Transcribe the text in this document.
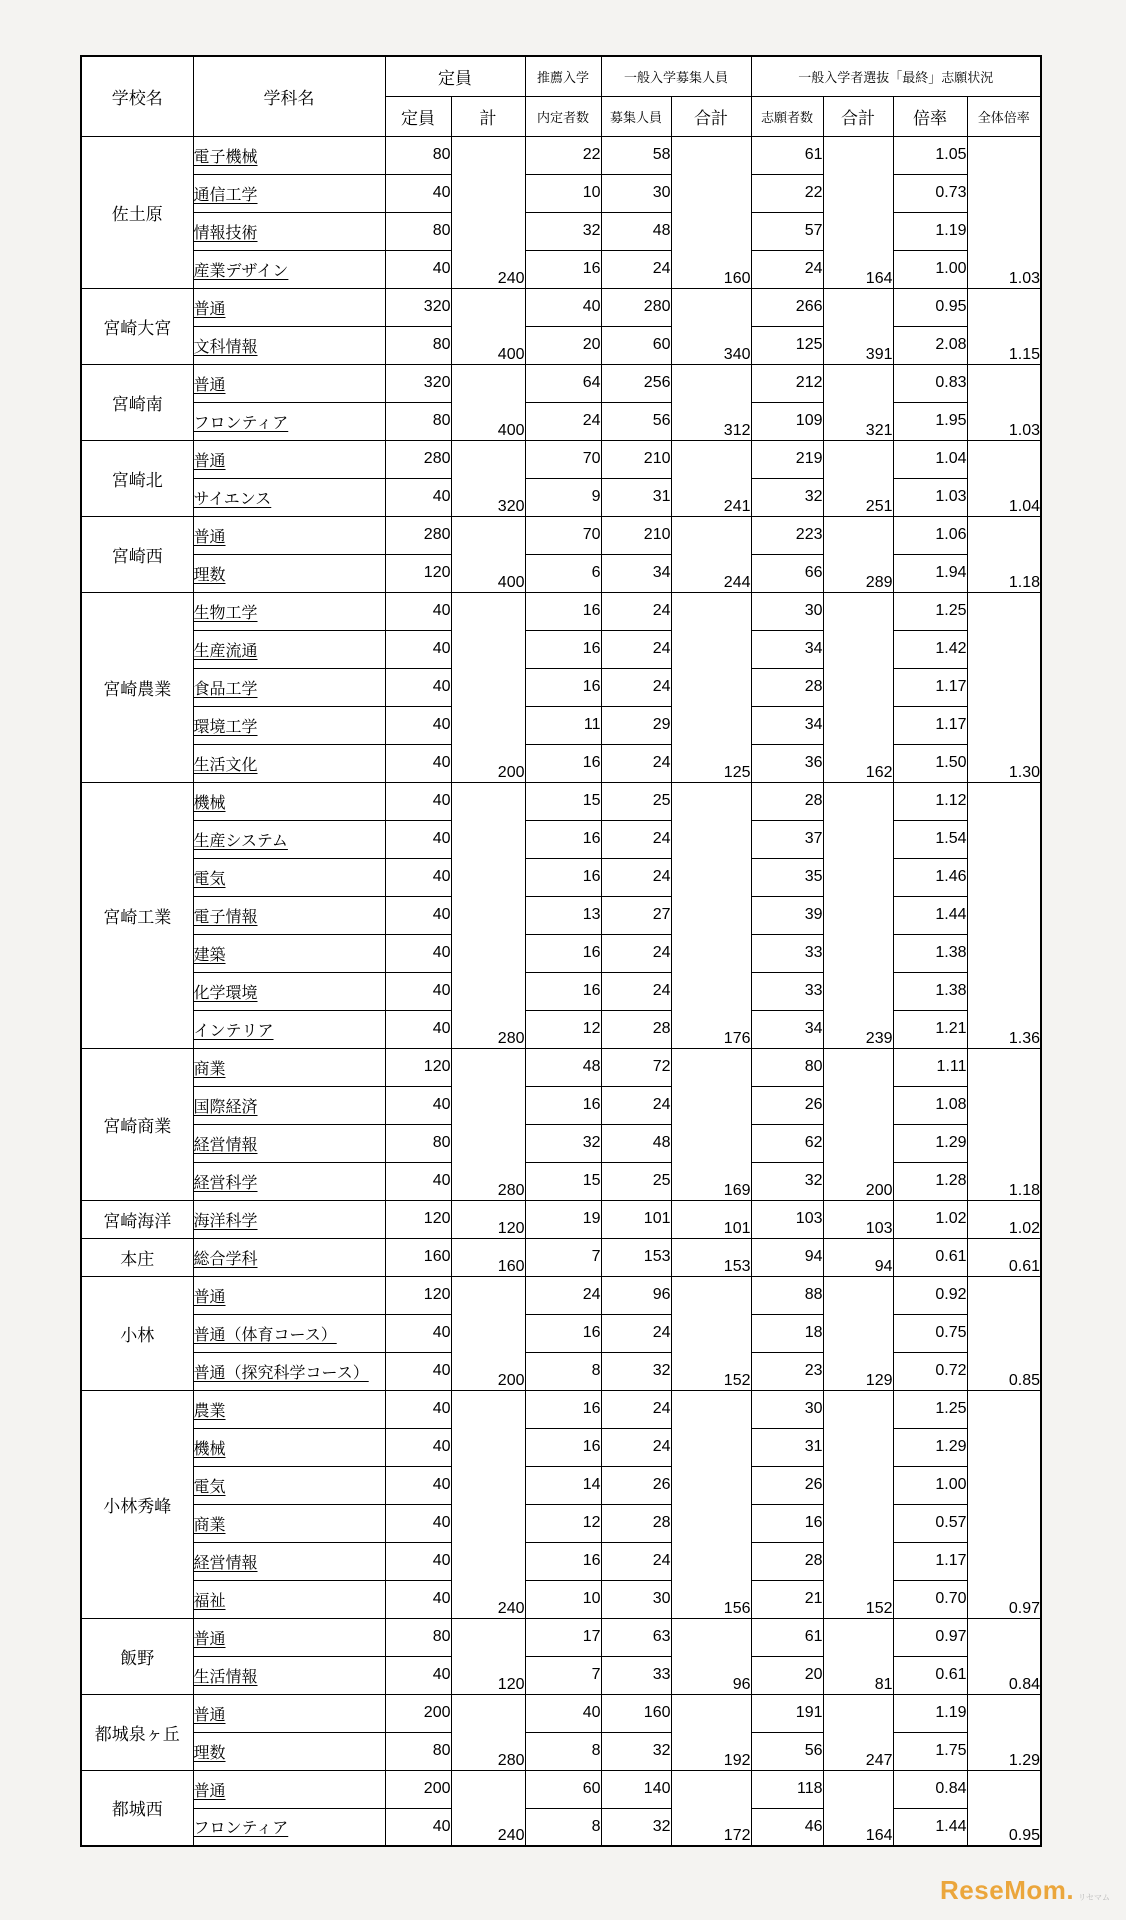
学校名	学科名	定員		推薦入学	一般入学募集人員		一般入学者選抜「最終」志願状況			
		定員	計	内定者数	募集人員	合計	志願者数	合計	倍率	全体倍率
佐土原	電子機械	80	240	22	58	160	61	164	1.05	1.03
	通信工学	40		10	30		22		0.73	
	情報技術	80		32	48		57		1.19	
	産業デザイン	40		16	24		24		1.00	
宮崎大宮	普通	320	400	40	280	340	266	391	0.95	1.15
	文科情報	80		20	60		125		2.08	
宮崎南	普通	320	400	64	256	312	212	321	0.83	1.03
	フロンティア	80		24	56		109		1.95	
宮崎北	普通	280	320	70	210	241	219	251	1.04	1.04
	サイエンス	40		9	31		32		1.03	
宮崎西	普通	280	400	70	210	244	223	289	1.06	1.18
	理数	120		6	34		66		1.94	
宮崎農業	生物工学	40	200	16	24	125	30	162	1.25	1.30
	生産流通	40		16	24		34		1.42	
	食品工学	40		16	24		28		1.17	
	環境工学	40		11	29		34		1.17	
	生活文化	40		16	24		36		1.50	
宮崎工業	機械	40	280	15	25	176	28	239	1.12	1.36
	生産システム	40		16	24		37		1.54	
	電気	40		16	24		35		1.46	
	電子情報	40		13	27		39		1.44	
	建築	40		16	24		33		1.38	
	化学環境	40		16	24		33		1.38	
	インテリア	40		12	28		34		1.21	
宮崎商業	商業	120	280	48	72	169	80	200	1.11	1.18
	国際経済	40		16	24		26		1.08	
	経営情報	80		32	48		62		1.29	
	経営科学	40		15	25		32		1.28	
宮崎海洋	海洋科学	120	120	19	101	101	103	103	1.02	1.02
本庄	総合学科	160	160	7	153	153	94	94	0.61	0.61
小林	普通	120	200	24	96	152	88	129	0.92	0.85
	普通（体育コース）	40		16	24		18		0.75	
	普通（探究科学コース）	40		8	32		23		0.72	
小林秀峰	農業	40	240	16	24	156	30	152	1.25	0.97
	機械	40		16	24		31		1.29	
	電気	40		14	26		26		1.00	
	商業	40		12	28		16		0.57	
	経営情報	40		16	24		28		1.17	
	福祉	40		10	30		21		0.70	
飯野	普通	80	120	17	63	96	61	81	0.97	0.84
	生活情報	40		7	33		20		0.61	
都城泉ヶ丘	普通	200	280	40	160	192	191	247	1.19	1.29
	理数	80		8	32		56		1.75	
都城西	普通	200	240	60	140	172	118	164	0.84	0.95
	フロンティア	40		8	32		46		1.44	
ReseMom. リセマム
